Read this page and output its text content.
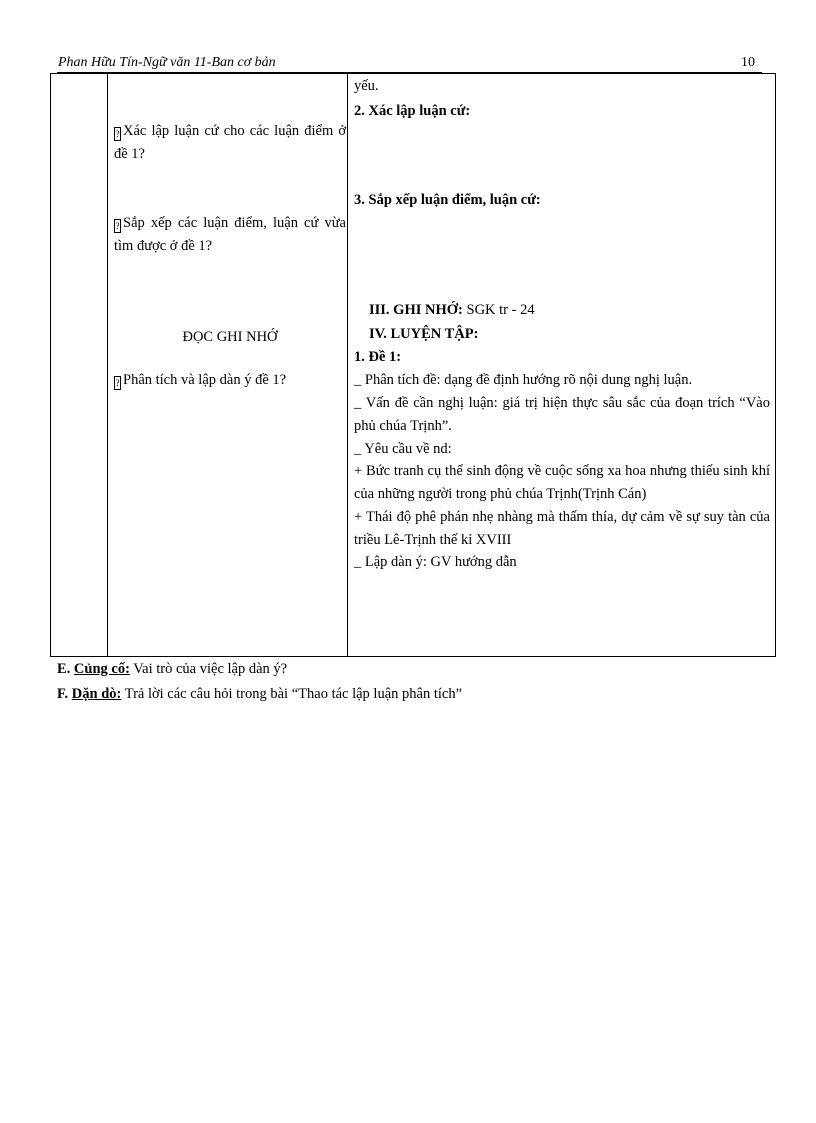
Phan Hữu Tín-Ngữ văn 11-Ban cơ bản	10
? Xác lập luận cứ cho các luận điểm ở đề 1?
? Sắp xếp các luận điểm, luận cứ vừa tìm được ở đề 1?
ĐỌC GHI NHỚ
? Phân tích và lập dàn ý đề 1?
yếu.
2. Xác lập luận cứ:
3. Sắp xếp luận điểm, luận cứ:
III. GHI NHỚ: SGK tr - 24
IV. LUYỆN TẬP:
1. Đề 1:
_ Phân tích đề: dạng đề định hướng rõ nội dung nghị luận.
_ Vấn đề cần nghị luận: giá trị hiện thực sâu sắc của đoạn trích “Vào phủ chúa Trịnh”.
_ Yêu cầu về nd:
+ Bức tranh cụ thể sinh động về cuộc sống xa hoa nhưng thiếu sinh khí của những người trong phủ chúa Trịnh(Trịnh Cán)
+ Thái độ phê phán nhẹ nhàng mà thấm thía, dự cảm về sự suy tàn của triều Lê-Trịnh thế kỉ XVIII
_ Lập dàn ý: GV hướng dẫn
E. Củng cố: Vai trò của việc lập dàn ý?
F. Dặn dò: Trả lời các câu hỏi trong bài “Thao tác lập luận phân tích”
